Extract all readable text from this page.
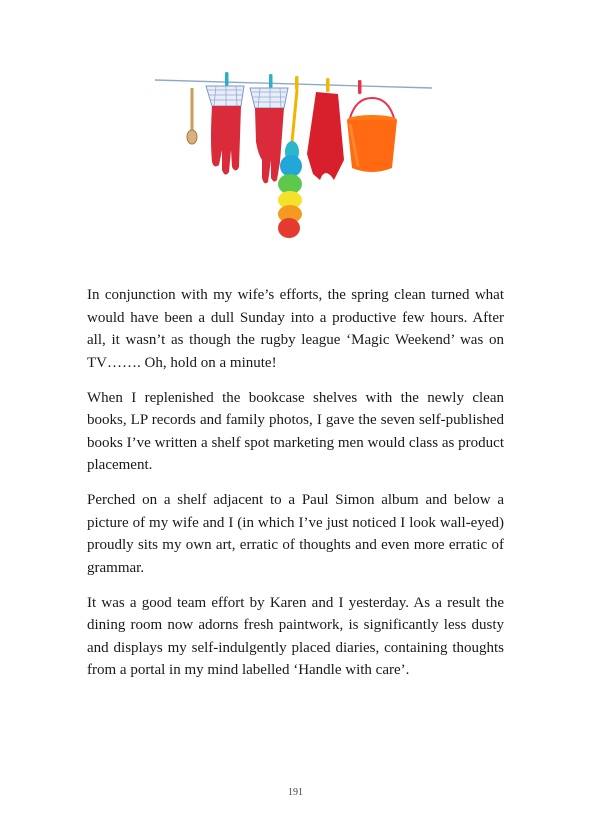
In conjunction with my wife’s efforts, the spring clean turned what would have been a dull Sunday into a productive few hours. After all, it wasn’t as though the rugby league ‘Magic Weekend’ was on TV……. Oh, hold on a minute!

When I replenished the bookcase shelves with the newly clean books, LP records and family photos, I gave the seven self-published books I’ve written a shelf spot marketing men would class as product placement.

Perched on a shelf adjacent to a Paul Simon album and below a picture of my wife and I (in which I’ve just noticed I look wall-eyed) proudly sits my own art, erratic of thoughts and even more erratic of grammar.

It was a good team effort by Karen and I yesterday. As a result the dining room now adorns fresh paintwork, is significantly less dusty and displays my self-indulgently placed diaries, containing thoughts from a portal in my mind labelled ‘Handle with care’.

191
